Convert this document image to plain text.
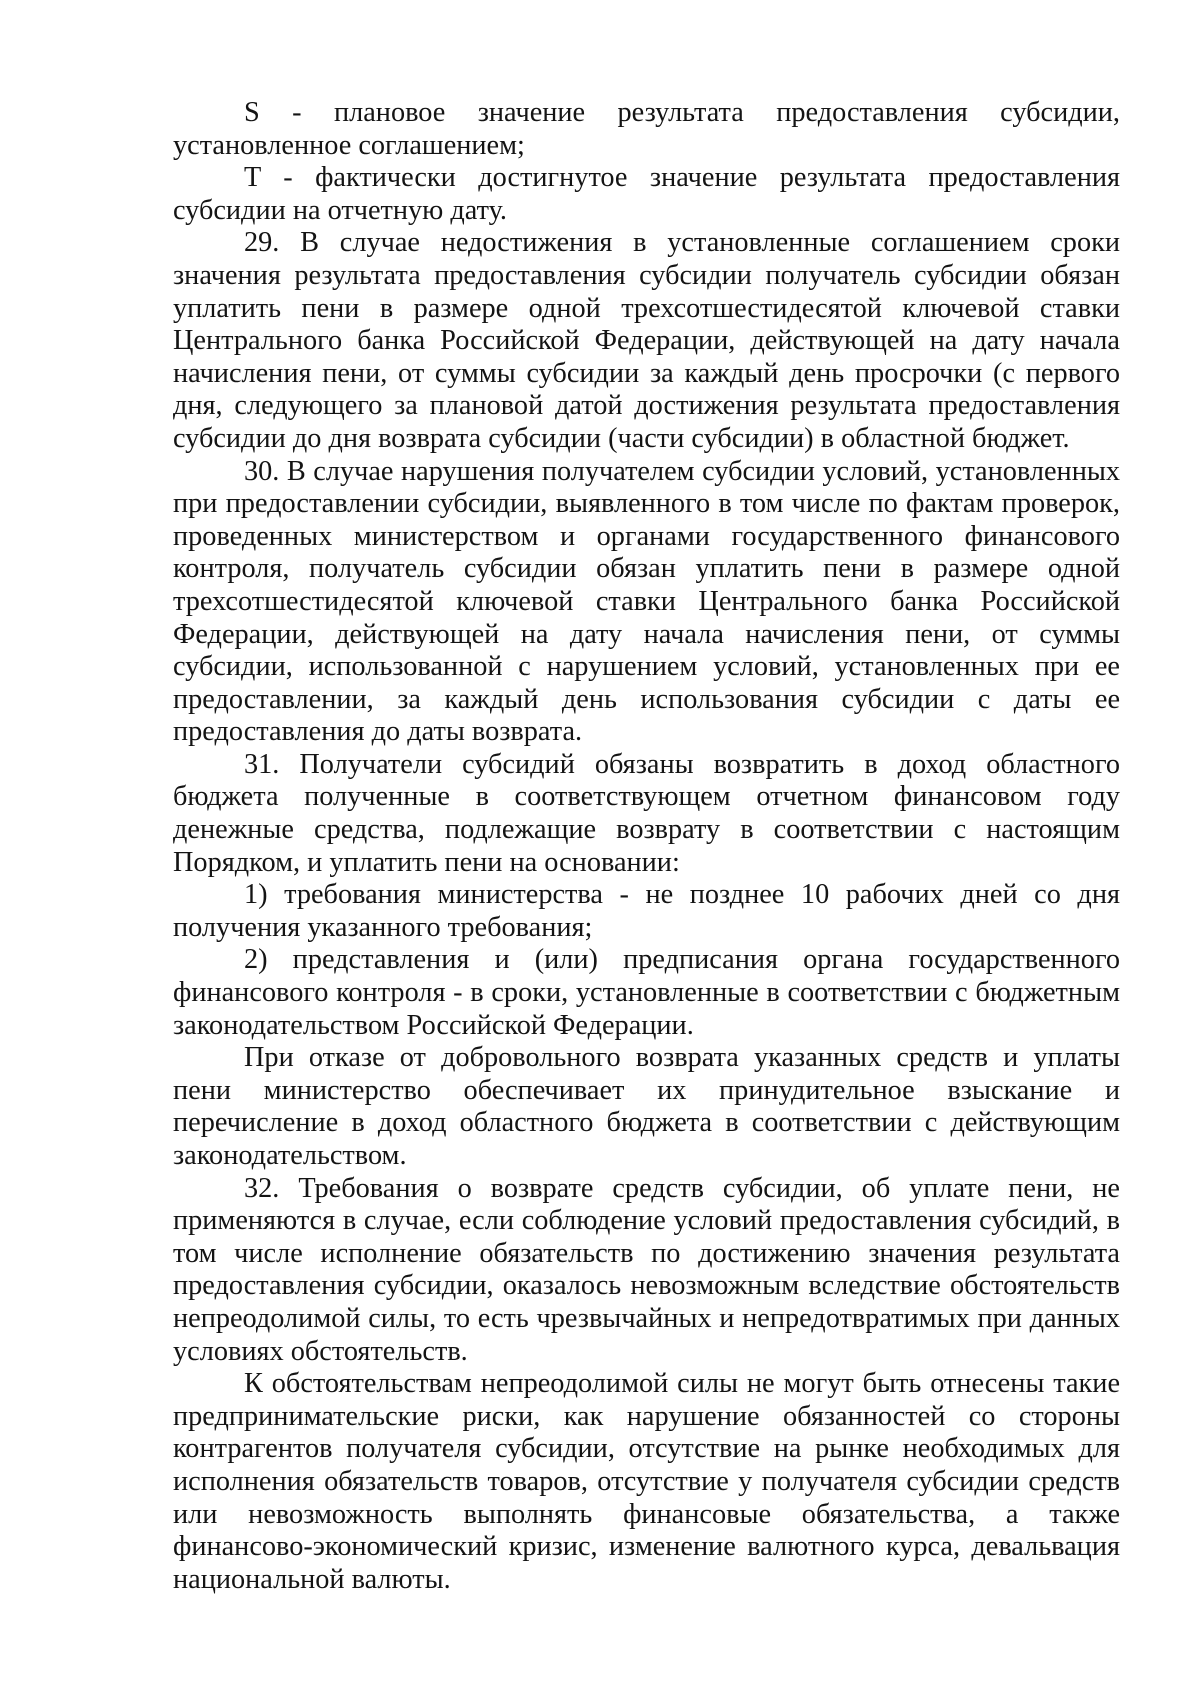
S - плановое значение результата предоставления субсидии, установленное соглашением;

T - фактически достигнутое значение результата предоставления субсидии на отчетную дату.

29. В случае недостижения в установленные соглашением сроки значения результата предоставления субсидии получатель субсидии обязан уплатить пени в размере одной трехсотшестидесятой ключевой ставки Центрального банка Российской Федерации, действующей на дату начала начисления пени, от суммы субсидии за каждый день просрочки (с первого дня, следующего за плановой датой достижения результата предоставления субсидии до дня возврата субсидии (части субсидии) в областной бюджет.

30. В случае нарушения получателем субсидии условий, установленных при предоставлении субсидии, выявленного в том числе по фактам проверок, проведенных министерством и органами государственного финансового контроля, получатель субсидии обязан уплатить пени в размере одной трехсотшестидесятой ключевой ставки Центрального банка Российской Федерации, действующей на дату начала начисления пени, от суммы субсидии, использованной с нарушением условий, установленных при ее предоставлении, за каждый день использования субсидии с даты ее предоставления до даты возврата.

31. Получатели субсидий обязаны возвратить в доход областного бюджета полученные в соответствующем отчетном финансовом году денежные средства, подлежащие возврату в соответствии с настоящим Порядком, и уплатить пени на основании:

1) требования министерства - не позднее 10 рабочих дней со дня получения указанного требования;

2) представления и (или) предписания органа государственного финансового контроля - в сроки, установленные в соответствии с бюджетным законодательством Российской Федерации.

При отказе от добровольного возврата указанных средств и уплаты пени министерство обеспечивает их принудительное взыскание и перечисление в доход областного бюджета в соответствии с действующим законодательством.

32. Требования о возврате средств субсидии, об уплате пени, не применяются в случае, если соблюдение условий предоставления субсидий, в том числе исполнение обязательств по достижению значения результата предоставления субсидии, оказалось невозможным вследствие обстоятельств непреодолимой силы, то есть чрезвычайных и непредотвратимых при данных условиях обстоятельств.

К обстоятельствам непреодолимой силы не могут быть отнесены такие предпринимательские риски, как нарушение обязанностей со стороны контрагентов получателя субсидии, отсутствие на рынке необходимых для исполнения обязательств товаров, отсутствие у получателя субсидии средств или невозможность выполнять финансовые обязательства, а также финансово-экономический кризис, изменение валютного курса, девальвация национальной валюты.
